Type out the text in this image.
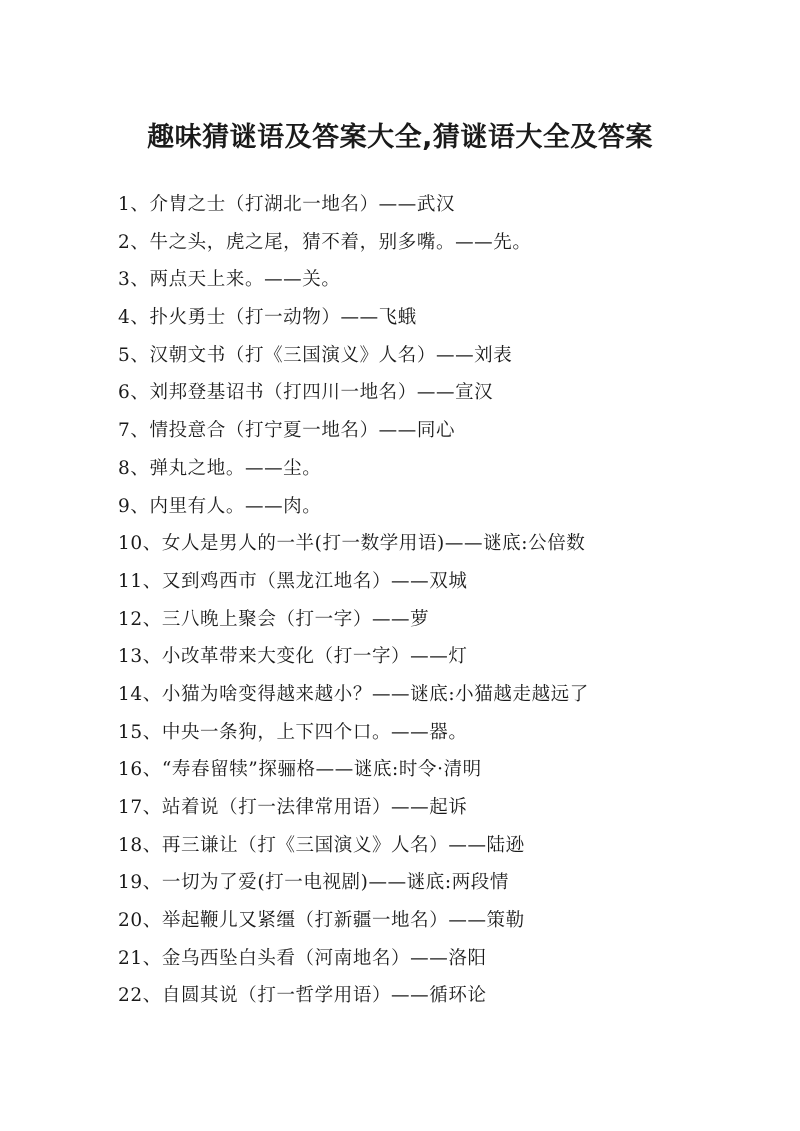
趣味猜谜语及答案大全,猜谜语大全及答案
1、介胄之士（打湖北一地名）——武汉
2、牛之头，虎之尾，猜不着，别多嘴。——先。
3、两点天上来。——关。
4、扑火勇士（打一动物）——飞蛾
5、汉朝文书（打《三国演义》人名）——刘表
6、刘邦登基诏书（打四川一地名）——宣汉
7、情投意合（打宁夏一地名）——同心
8、弹丸之地。——尘。
9、内里有人。——肉。
10、女人是男人的一半(打一数学用语)——谜底:公倍数
11、又到鸡西市（黑龙江地名）——双城
12、三八晚上聚会（打一字）——萝
13、小改革带来大变化（打一字）——灯
14、小猫为啥变得越来越小？——谜底:小猫越走越远了
15、中央一条狗，上下四个口。——器。
16、“寿春留犊”探骊格——谜底:时令·清明
17、站着说（打一法律常用语）——起诉
18、再三谦让（打《三国演义》人名）——陆逊
19、一切为了爱(打一电视剧)——谜底:两段情
20、举起鞭儿又紧缰（打新疆一地名）——策勒
21、金乌西坠白头看（河南地名）——洛阳
22、自圆其说（打一哲学用语）——循环论
